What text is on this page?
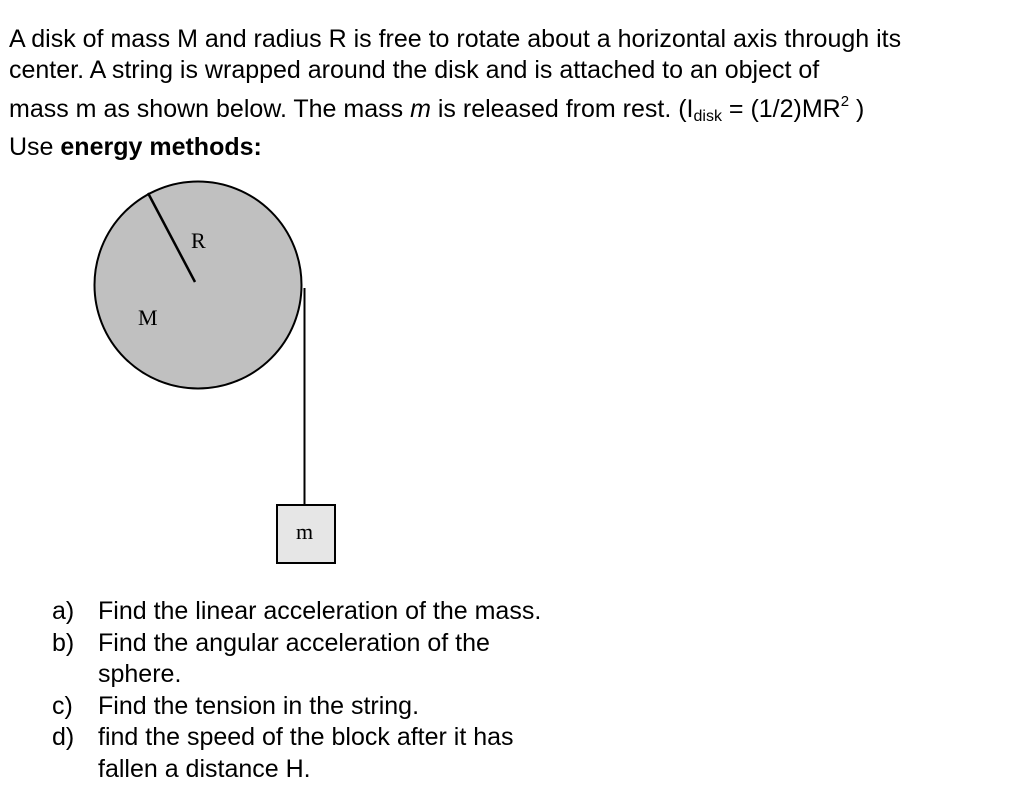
A disk of mass M and radius R is free to rotate about a horizontal axis through its
center. A string is wrapped around the disk and is attached to an object of
mass m as shown below. The mass m is released from rest. ($I_{disk} = (1/2)MR^2$ )
Use energy methods:
R
M
m
a) Find the linear acceleration of the mass.
b) Find the angular acceleration of the sphere.
c) Find the tension in the string.
d) find the speed of the block after it has fallen a distance H.
